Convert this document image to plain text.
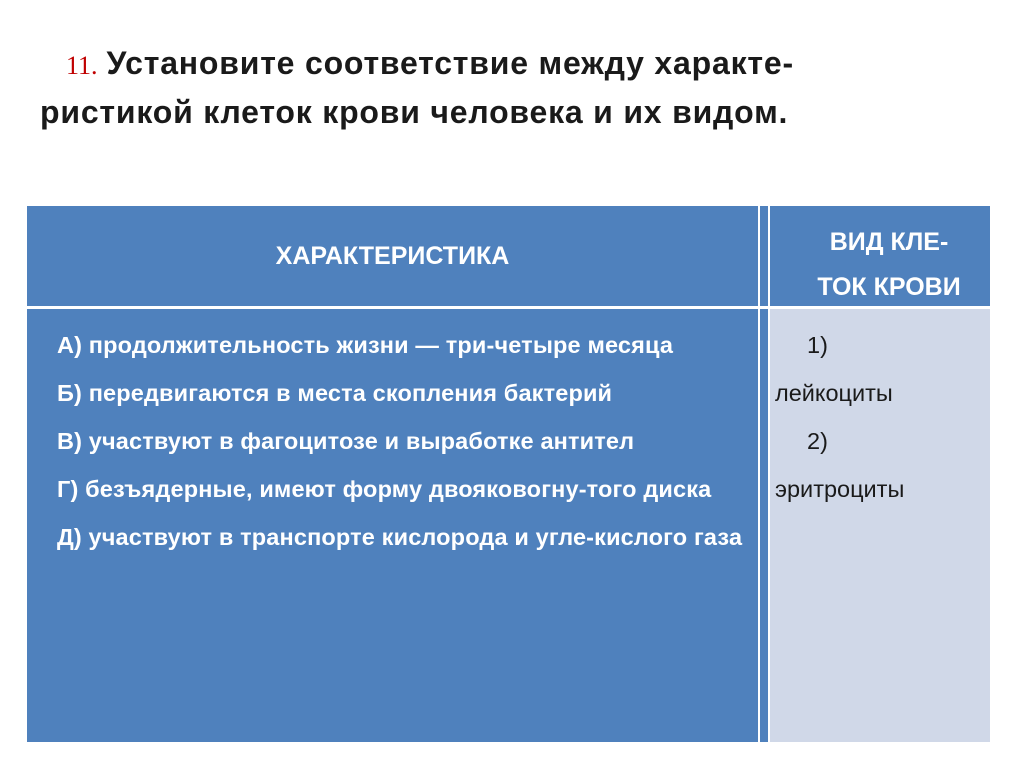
11. Установите соответствие между характе-
ристикой клеток крови человека и их видом.
ХАРАКТЕРИСТИКА	ВИД КЛЕ-
ТОК КРОВИ
А) продолжительность жизни — три-четыре месяца
Б) передвигаются в места скопления бактерий
В) участвуют в фагоцитозе и выработке антител
Г) безъядерные, имеют форму двояковогну-того диска
Д) участвуют в транспорте кислорода и угле-кислого газа
1)
лейкоциты
2)
эритроциты
